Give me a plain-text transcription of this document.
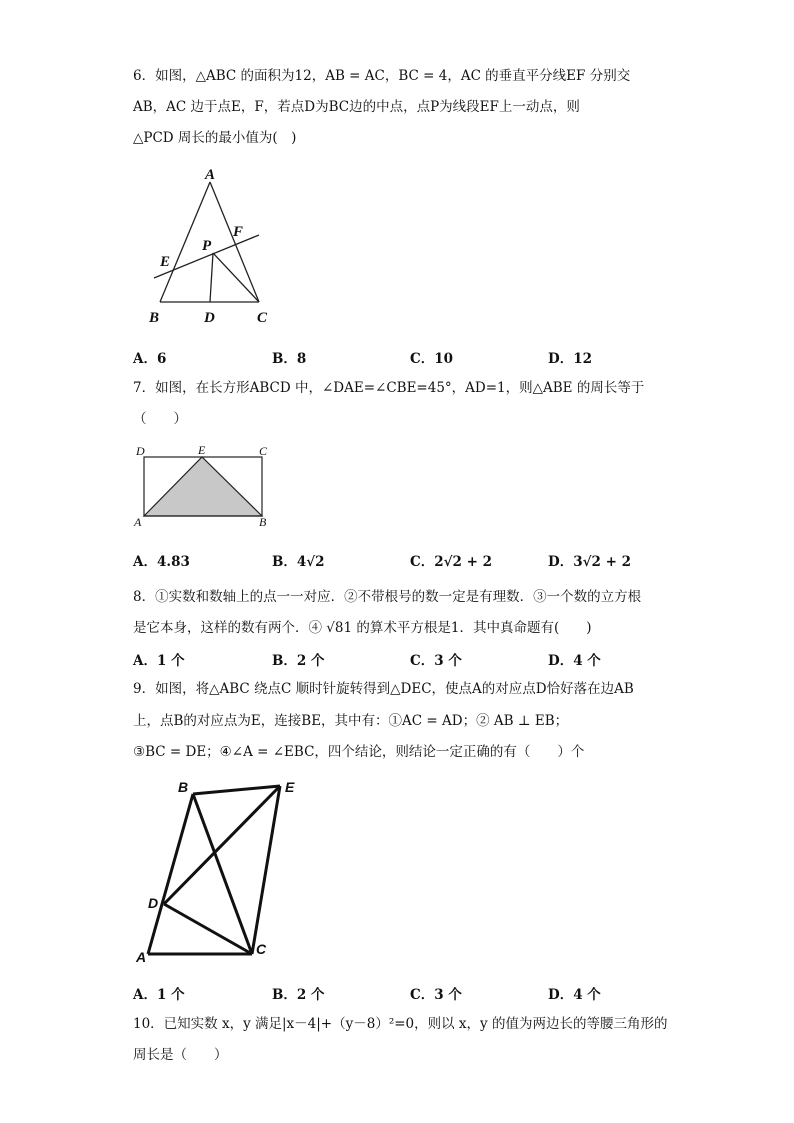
6．如图，△ABC 的面积为12，AB = AC，BC = 4，AC 的垂直平分线EF 分别交
AB，AC 边于点E，F，若点D为BC边的中点，点P为线段EF上一动点，则
△PCD 周长的最小值为(　)
A
B	C
D
E
F
P
A．6	B．8	C．10	D．12
7．如图，在长方形ABCD 中，∠DAE=∠CBE=45°，AD=1，则△ABE 的周长等于
（　　）
D	E	C
A	B
A．4.83	B．4√2	C．2√2 + 2	D．3√2 + 2
8．①实数和数轴上的点一一对应．②不带根号的数一定是有理数．③一个数的立方根
是它本身，这样的数有两个．④ √81 的算术平方根是1．其中真命题有(　　)
A．1 个	B．2 个	C．3 个	D．4 个
9．如图，将△ABC 绕点C 顺时针旋转得到△DEC，使点A的对应点D恰好落在边AB
上，点B的对应点为E，连接BE，其中有：①AC = AD；② AB ⊥ EB；
③BC = DE；④∠A = ∠EBC，四个结论，则结论一定正确的有（　　）个
B	E
D
A	C
A．1 个	B．2 个	C．3 个	D．4 个
10．已知实数 x，y 满足|x－4|+（y－8）²=0，则以 x，y 的值为两边长的等腰三角形的
周长是（　　）
